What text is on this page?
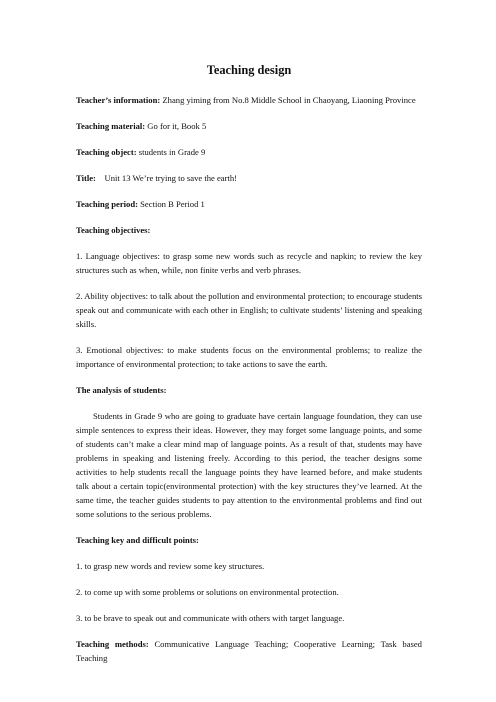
Teaching design

Teacher’s information: Zhang yiming from No.8 Middle School in Chaoyang, Liaoning Province

Teaching material: Go for it, Book 5

Teaching object: students in Grade 9

Title: Unit 13 We’re trying to save the earth!

Teaching period: Section B Period 1

Teaching objectives:

1. Language objectives: to grasp some new words such as recycle and napkin; to review the key structures such as when, while, non finite verbs and verb phrases.

2. Ability objectives: to talk about the pollution and environmental protection; to encourage students speak out and communicate with each other in English; to cultivate students’ listening and speaking skills.

3. Emotional objectives: to make students focus on the environmental problems; to realize the importance of environmental protection; to take actions to save the earth.

The analysis of students:

Students in Grade 9 who are going to graduate have certain language foundation, they can use simple sentences to express their ideas. However, they may forget some language points, and some of students can’t make a clear mind map of language points. As a result of that, students may have problems in speaking and listening freely. According to this period, the teacher designs some activities to help students recall the language points they have learned before, and make students talk about a certain topic(environmental protection) with the key structures they’ve learned. At the same time, the teacher guides students to pay attention to the environmental problems and find out some solutions to the serious problems.

Teaching key and difficult points:

1. to grasp new words and review some key structures.

2. to come up with some problems or solutions on environmental protection.

3. to be brave to speak out and communicate with others with target language.

Teaching methods: Communicative Language Teaching; Cooperative Learning; Task based Teaching
